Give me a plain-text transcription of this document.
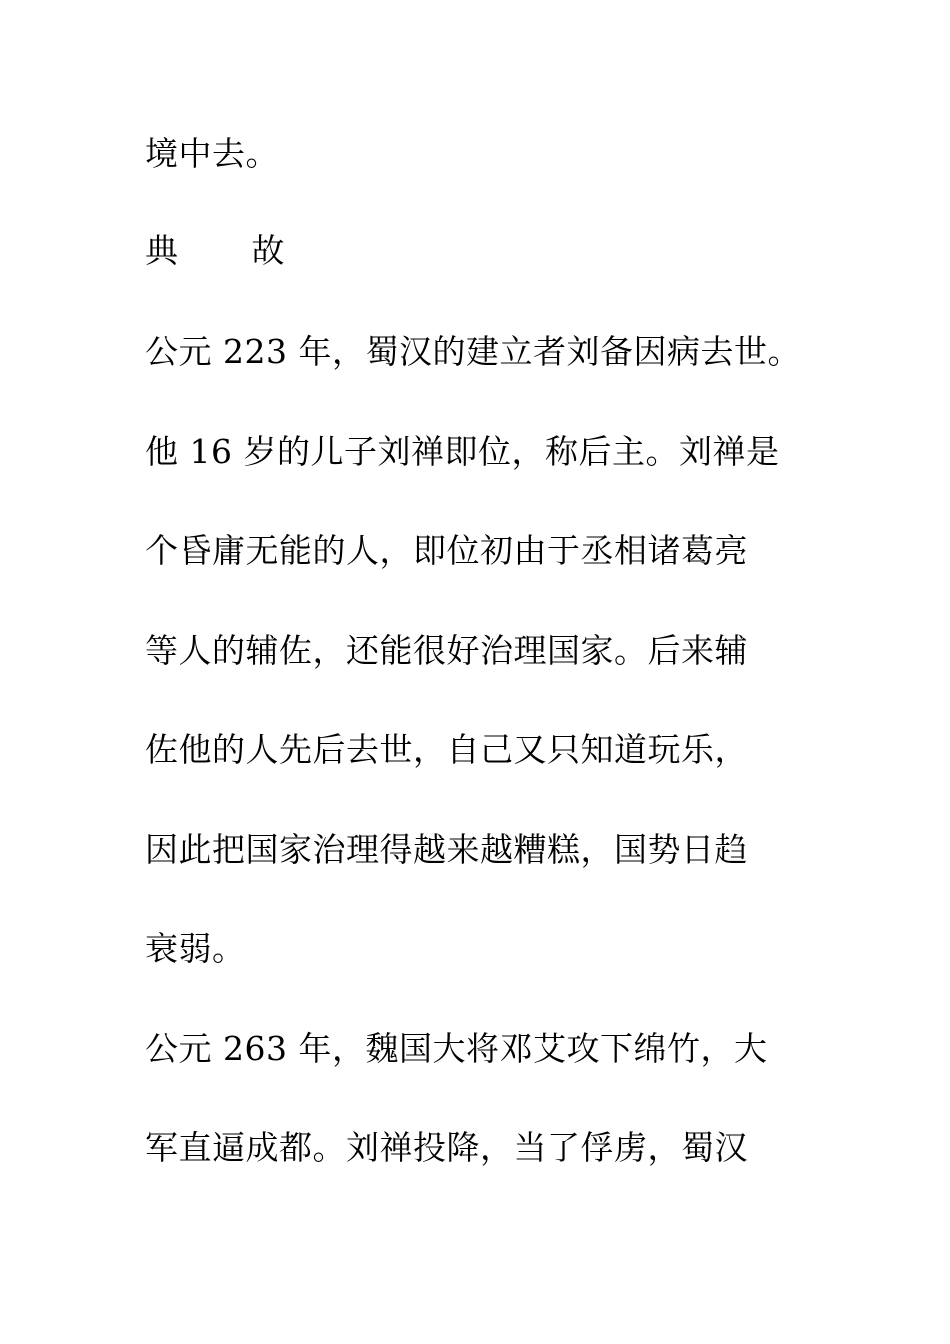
境中去。
典 故
公元 223 年，蜀汉的建立者刘备因病去世。
他 16 岁的儿子刘禅即位，称后主。刘禅是
个昏庸无能的人，即位初由于丞相诸葛亮
等人的辅佐，还能很好治理国家。后来辅
佐他的人先后去世，自己又只知道玩乐，
因此把国家治理得越来越糟糕，国势日趋
衰弱。
公元 263 年，魏国大将邓艾攻下绵竹，大
军直逼成都。刘禅投降，当了俘虏，蜀汉
